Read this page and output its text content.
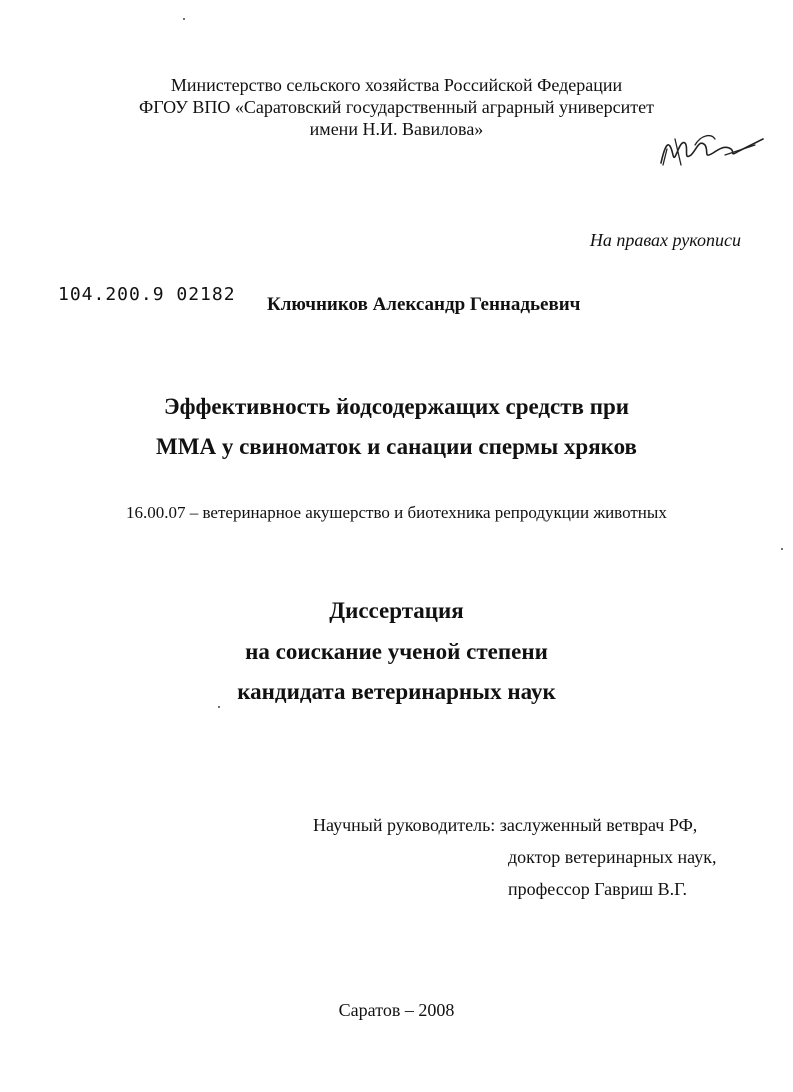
Министерство сельского хозяйства Российской Федерации
ФГОУ ВПО «Саратовский государственный аграрный университет
имени Н.И. Вавилова»
На правах рукописи
104.200.9 02182 Ключников Александр Геннадьевич
Эффективность йодсодержащих средств при
ММА у свиноматок и санации спермы хряков
16.00.07 – ветеринарное акушерство и биотехника репродукции животных
Диссертация
на соискание ученой степени
кандидата ветеринарных наук
Научный руководитель: заслуженный ветврач РФ,
доктор ветеринарных наук,
профессор Гавриш В.Г.
Саратов – 2008
